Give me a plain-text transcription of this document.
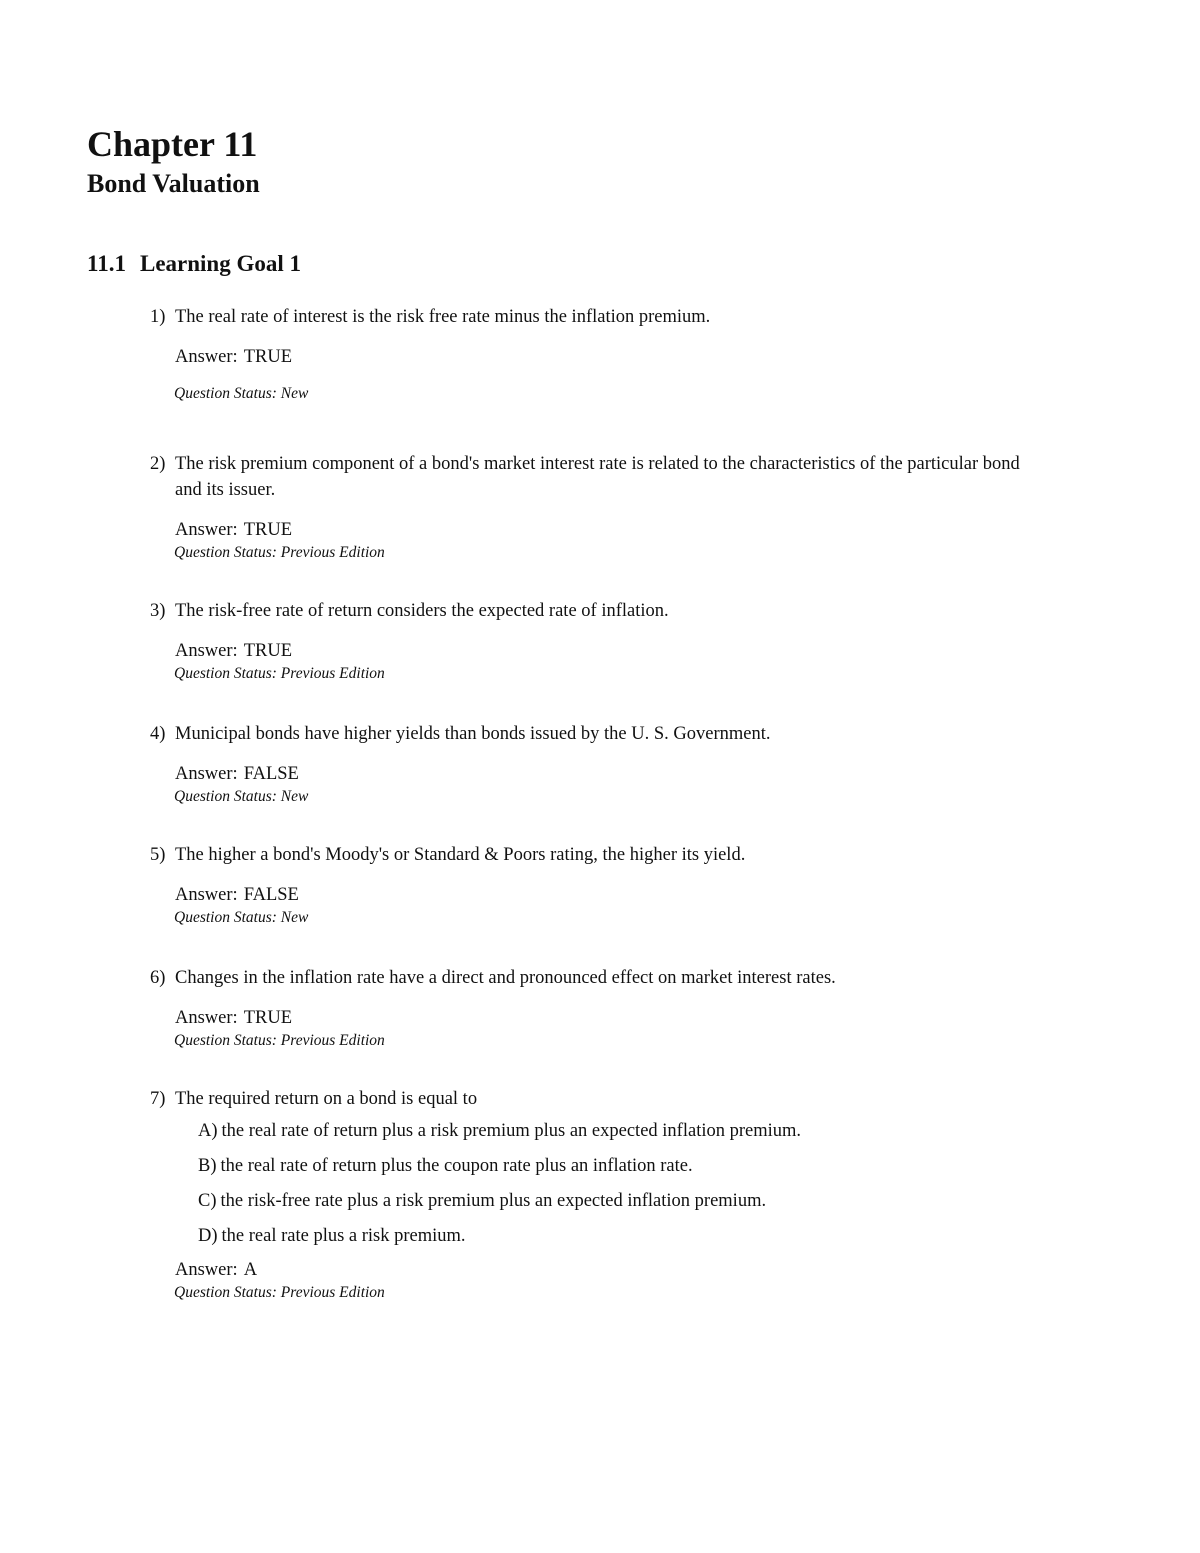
Chapter 11
Bond Valuation
11.1 Learning Goal 1
1) The real rate of interest is the risk free rate minus the inflation premium.
Answer: TRUE
Question Status: New
2) The risk premium component of a bond's market interest rate is related to the characteristics of the particular bond and its issuer.
Answer: TRUE
Question Status: Previous Edition
3) The risk-free rate of return considers the expected rate of inflation.
Answer: TRUE
Question Status: Previous Edition
4) Municipal bonds have higher yields than bonds issued by the U. S. Government.
Answer: FALSE
Question Status: New
5) The higher a bond's Moody's or Standard & Poors rating, the higher its yield.
Answer: FALSE
Question Status: New
6) Changes in the inflation rate have a direct and pronounced effect on market interest rates.
Answer: TRUE
Question Status: Previous Edition
7) The required return on a bond is equal to
A) the real rate of return plus a risk premium plus an expected inflation premium.
B) the real rate of return plus the coupon rate plus an inflation rate.
C) the risk-free rate plus a risk premium plus an expected inflation premium.
D) the real rate plus a risk premium.
Answer: A
Question Status: Previous Edition
